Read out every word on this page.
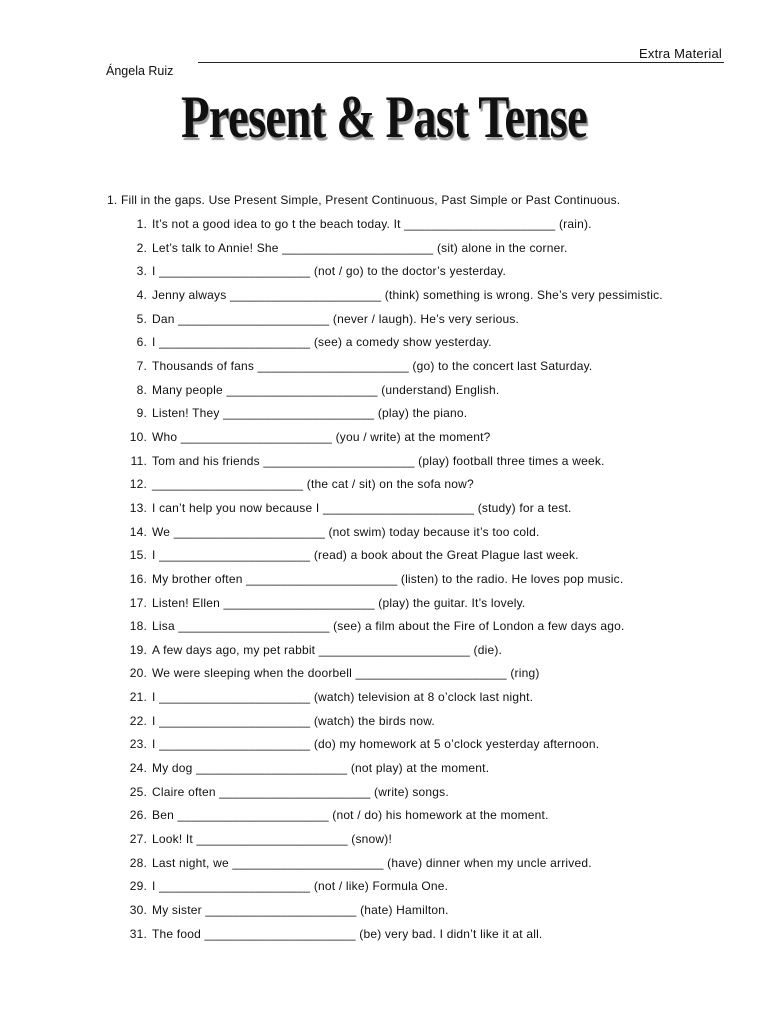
Extra Material
Ángela Ruiz
Present & Past Tense
1. Fill in the gaps. Use Present Simple, Present Continuous, Past Simple or Past Continuous.
1. It’s not a good idea to go t the beach today. It ______________________ (rain).
2. Let’s talk to Annie! She ______________________ (sit) alone in the corner.
3. I ______________________ (not / go) to the doctor’s yesterday.
4. Jenny always ______________________ (think) something is wrong. She’s very pessimistic.
5. Dan ______________________ (never / laugh). He’s very serious.
6. I ______________________ (see) a comedy show yesterday.
7. Thousands of fans ______________________ (go) to the concert last Saturday.
8. Many people ______________________ (understand) English.
9. Listen! They ______________________ (play) the piano.
10. Who ______________________ (you / write) at the moment?
11. Tom and his friends ______________________ (play) football three times a week.
12. ______________________ (the cat / sit) on the sofa now?
13. I can’t help you now because I ______________________ (study) for a test.
14. We ______________________ (not swim) today because it’s too cold.
15. I ______________________ (read) a book about the Great Plague last week.
16. My brother often ______________________ (listen) to the radio. He loves pop music.
17. Listen! Ellen ______________________ (play) the guitar. It’s lovely.
18. Lisa ______________________ (see) a film about the Fire of London a few days ago.
19. A few days ago, my pet rabbit ______________________ (die).
20. We were sleeping when the doorbell ______________________ (ring)
21. I ______________________ (watch) television at 8 o’clock last night.
22. I ______________________ (watch) the birds now.
23. I ______________________ (do) my homework at 5 o’clock yesterday afternoon.
24. My dog ______________________ (not play) at the moment.
25. Claire often ______________________ (write) songs.
26. Ben ______________________ (not / do) his homework at the moment.
27. Look! It ______________________ (snow)!
28. Last night, we ______________________ (have) dinner when my uncle arrived.
29. I ______________________ (not / like) Formula One.
30. My sister ______________________ (hate) Hamilton.
31. The food ______________________ (be) very bad. I didn’t like it at all.
